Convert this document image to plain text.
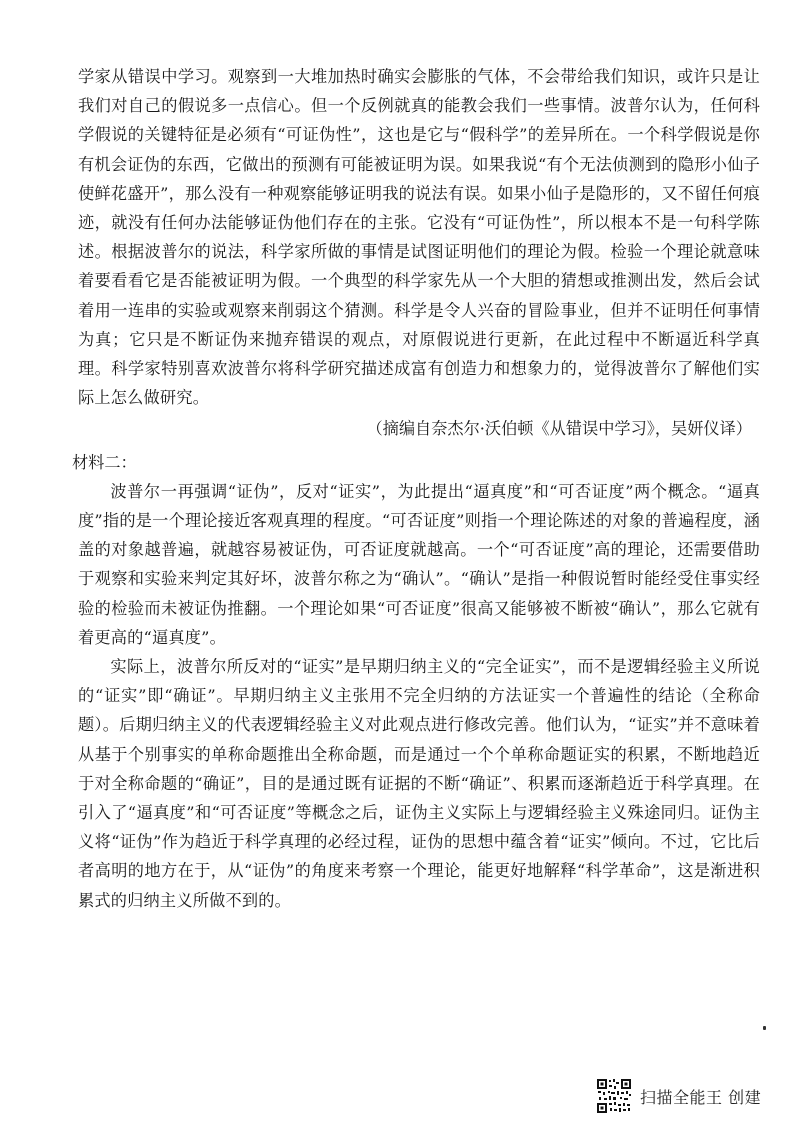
学家从错误中学习。观察到一大堆加热时确实会膨胀的气体，不会带给我们知识，或许只是让我们对自己的假说多一点信心。但一个反例就真的能教会我们一些事情。波普尔认为，任何科学假说的关键特征是必须有“可证伪性”，这也是它与“假科学”的差异所在。一个科学假说是你有机会证伪的东西，它做出的预测有可能被证明为误。如果我说“有个无法侦测到的隐形小仙子使鲜花盛开”，那么没有一种观察能够证明我的说法有误。如果小仙子是隐形的，又不留任何痕迹，就没有任何办法能够证伪他们存在的主张。它没有“可证伪性”，所以根本不是一句科学陈述。根据波普尔的说法，科学家所做的事情是试图证明他们的理论为假。检验一个理论就意味着要看看它是否能被证明为假。一个典型的科学家先从一个大胆的猜想或推测出发，然后会试着用一连串的实验或观察来削弱这个猜测。科学是令人兴奋的冒险事业，但并不证明任何事情为真；它只是不断证伪来抛弃错误的观点，对原假说进行更新，在此过程中不断逼近科学真理。科学家特别喜欢波普尔将科学研究描述成富有创造力和想象力的，觉得波普尔了解他们实际上怎么做研究。

（摘编自奈杰尔·沃伯顿《从错误中学习》，吴妍仪译）

材料二：

波普尔一再强调“证伪”，反对“证实”，为此提出“逼真度”和“可否证度”两个概念。“逼真度”指的是一个理论接近客观真理的程度。“可否证度”则指一个理论陈述的对象的普遍程度，涵盖的对象越普遍，就越容易被证伪，可否证度就越高。一个“可否证度”高的理论，还需要借助于观察和实验来判定其好坏，波普尔称之为“确认”。“确认”是指一种假说暂时能经受住事实经验的检验而未被证伪推翻。一个理论如果“可否证度”很高又能够被不断被“确认”，那么它就有着更高的“逼真度”。

实际上，波普尔所反对的“证实”是早期归纳主义的“完全证实”，而不是逻辑经验主义所说的“证实”即“确证”。早期归纳主义主张用不完全归纳的方法证实一个普遍性的结论（全称命题）。后期归纳主义的代表逻辑经验主义对此观点进行修改完善。他们认为，“证实”并不意味着从基于个别事实的单称命题推出全称命题，而是通过一个个单称命题证实的积累，不断地趋近于对全称命题的“确证”，目的是通过既有证据的不断“确证”、积累而逐渐趋近于科学真理。在引入了“逼真度”和“可否证度”等概念之后，证伪主义实际上与逻辑经验主义殊途同归。证伪主义将“证伪”作为趋近于科学真理的必经过程，证伪的思想中蕴含着“证实”倾向。不过，它比后者高明的地方在于，从“证伪”的角度来考察一个理论，能更好地解释“科学革命”，这是渐进积累式的归纳主义所做不到的。

扫描全能王 创建
